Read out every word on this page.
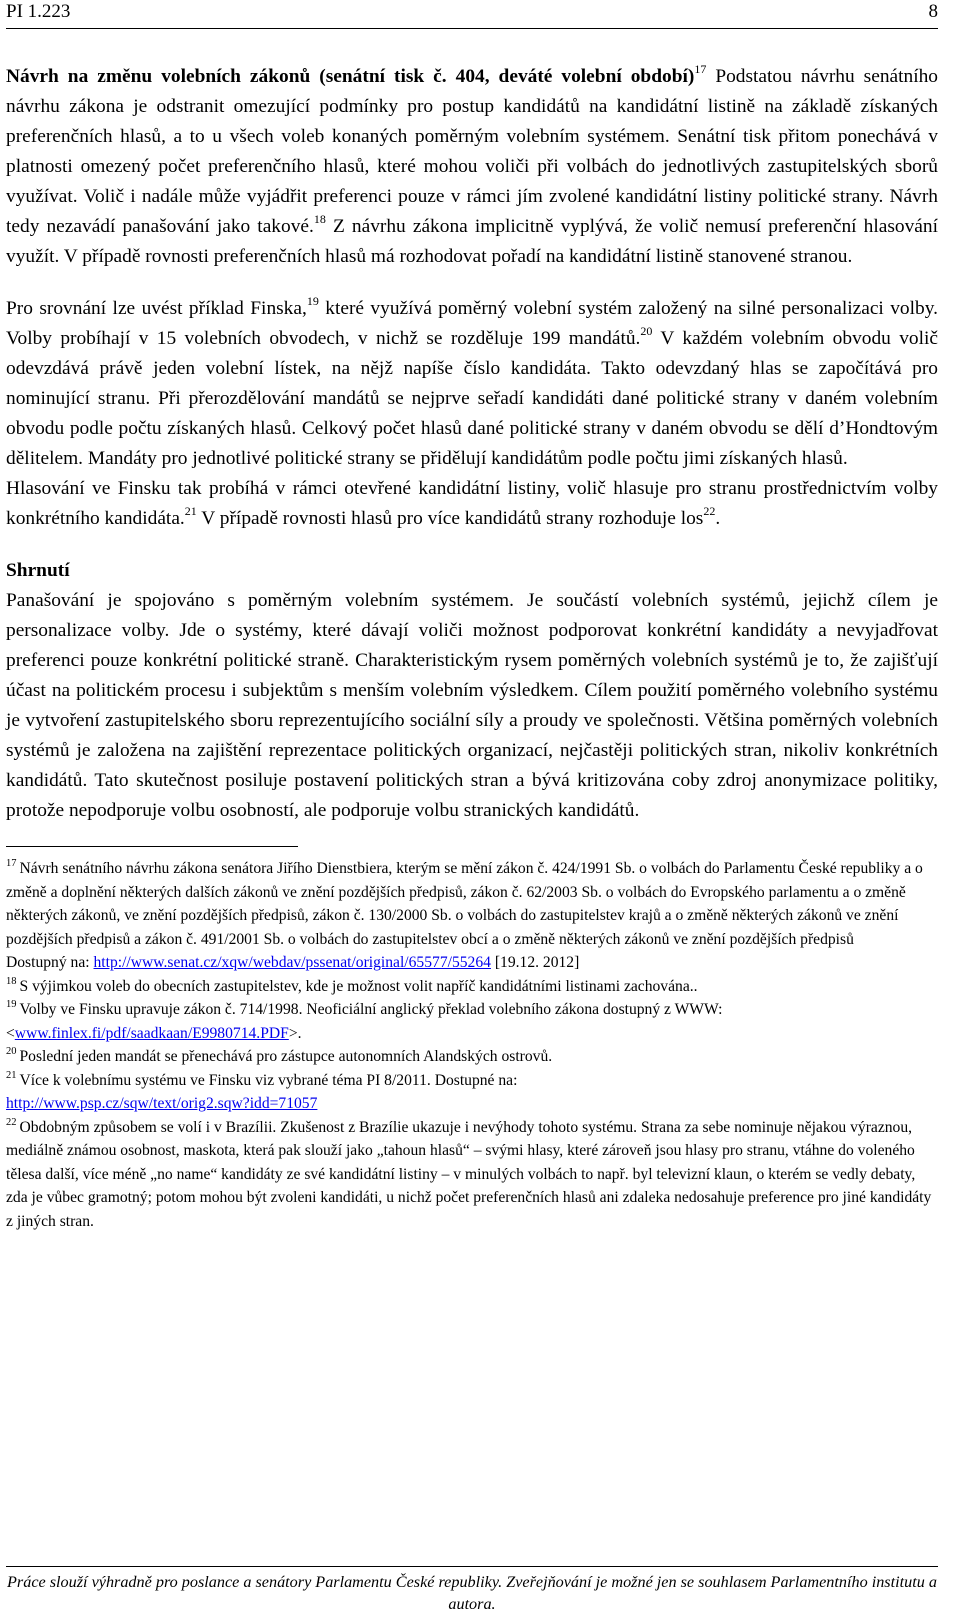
PI 1.223	8

Návrh na změnu volebních zákonů (senátní tisk č. 404, deváté volební období)$^{17}$ Podstatou návrhu senátního návrhu zákona je odstranit omezující podmínky pro postup kandidátů na kandidátní listině na základě získaných preferenčních hlasů, a to u všech voleb konaných poměrným volebním systémem. Senátní tisk přitom ponechává v platnosti omezený počet preferenčního hlasů, které mohou voliči při volbách do jednotlivých zastupitelských sborů využívat. Volič i nadále může vyjádřit preferenci pouze v rámci jím zvolené kandidátní listiny politické strany. Návrh tedy nezavádí panašování jako takové.$^{18}$ Z návrhu zákona implicitně vyplývá, že volič nemusí preferenční hlasování využít. V případě rovnosti preferenčních hlasů má rozhodovat pořadí na kandidátní listině stanovené stranou.

Pro srovnání lze uvést příklad Finska,$^{19}$ které využívá poměrný volební systém založený na silné personalizaci volby. Volby probíhají v 15 volebních obvodech, v nichž se rozděluje 199 mandátů.$^{20}$ V každém volebním obvodu volič odevzdává právě jeden volební lístek, na nějž napíše číslo kandidáta. Takto odevzdaný hlas se započítává pro nominující stranu. Při přerozdělování mandátů se nejprve seřadí kandidáti dané politické strany v daném volebním obvodu podle počtu získaných hlasů. Celkový počet hlasů dané politické strany v daném obvodu se dělí d’Hondtovým dělitelem. Mandáty pro jednotlivé politické strany se přidělují kandidátům podle počtu jimi získaných hlasů.

Hlasování ve Finsku tak probíhá v rámci otevřené kandidátní listiny, volič hlasuje pro stranu prostřednictvím volby konkrétního kandidáta.$^{21}$ V případě rovnosti hlasů pro více kandidátů strany rozhoduje los$^{22}$.

Shrnutí

Panašování je spojováno s poměrným volebním systémem. Je součástí volebních systémů, jejichž cílem je personalizace volby. Jde o systémy, které dávají voliči možnost podporovat konkrétní kandidáty a nevyjadřovat preferenci pouze konkrétní politické straně. Charakteristickým rysem poměrných volebních systémů je to, že zajišťují účast na politickém procesu i subjektům s menším volebním výsledkem. Cílem použití poměrného volebního systému je vytvoření zastupitelského sboru reprezentujícího sociální síly a proudy ve společnosti. Většina poměrných volebních systémů je založena na zajištění reprezentace politických organizací, nejčastěji politických stran, nikoliv konkrétních kandidátů. Tato skutečnost posiluje postavení politických stran a bývá kritizována coby zdroj anonymizace politiky, protože nepodporuje volbu osobností, ale podporuje volbu stranických kandidátů.

$^{17}$ Návrh senátního návrhu zákona senátora Jiřího Dienstbiera, kterým se mění zákon č. 424/1991 Sb. o volbách do Parlamentu České republiky a o změně a doplnění některých dalších zákonů ve znění pozdějších předpisů, zákon č. 62/2003 Sb. o volbách do Evropského parlamentu a o změně některých zákonů, ve znění pozdějších předpisů, zákon č. 130/2000 Sb. o volbách do zastupitelstev krajů a o změně některých zákonů ve znění pozdějších předpisů a zákon č. 491/2001 Sb. o volbách do zastupitelstev obcí a o změně některých zákonů ve znění pozdějších předpisů
Dostupný na: http://www.senat.cz/xqw/webdav/pssenat/original/65577/55264 [19.12. 2012]

$^{18}$ S výjimkou voleb do obecních zastupitelstev, kde je možnost volit napříč kandidátními listinami zachována..

$^{19}$ Volby ve Finsku upravuje zákon č. 714/1998. Neoficiální anglický překlad volebního zákona dostupný z WWW: <www.finlex.fi/pdf/saadkaan/E9980714.PDF>.

$^{20}$ Poslední jeden mandát se přenechává pro zástupce autonomních Alandských ostrovů.

$^{21}$ Více k volebnímu systému ve Finsku viz vybrané téma PI 8/2011. Dostupné na:
http://www.psp.cz/sqw/text/orig2.sqw?idd=71057

$^{22}$ Obdobným způsobem se volí i v Brazílii. Zkušenost z Brazílie ukazuje i nevýhody tohoto systému. Strana za sebe nominuje nějakou výraznou, mediálně známou osobnost, maskota, která pak slouží jako „tahoun hlasů“ – svými hlasy, které zároveň jsou hlasy pro stranu, vtáhne do voleného tělesa další, více méně „no name“ kandidáty ze své kandidátní listiny – v minulých volbách to např. byl televizní klaun, o kterém se vedly debaty, zda je vůbec gramotný; potom mohou být zvoleni kandidáti, u nichž počet preferenčních hlasů ani zdaleka nedosahuje preference pro jiné kandidáty z jiných stran.

Práce slouží výhradně pro poslance a senátory Parlamentu České republiky. Zveřejňování je možné jen se souhlasem Parlamentního institutu a autora.
